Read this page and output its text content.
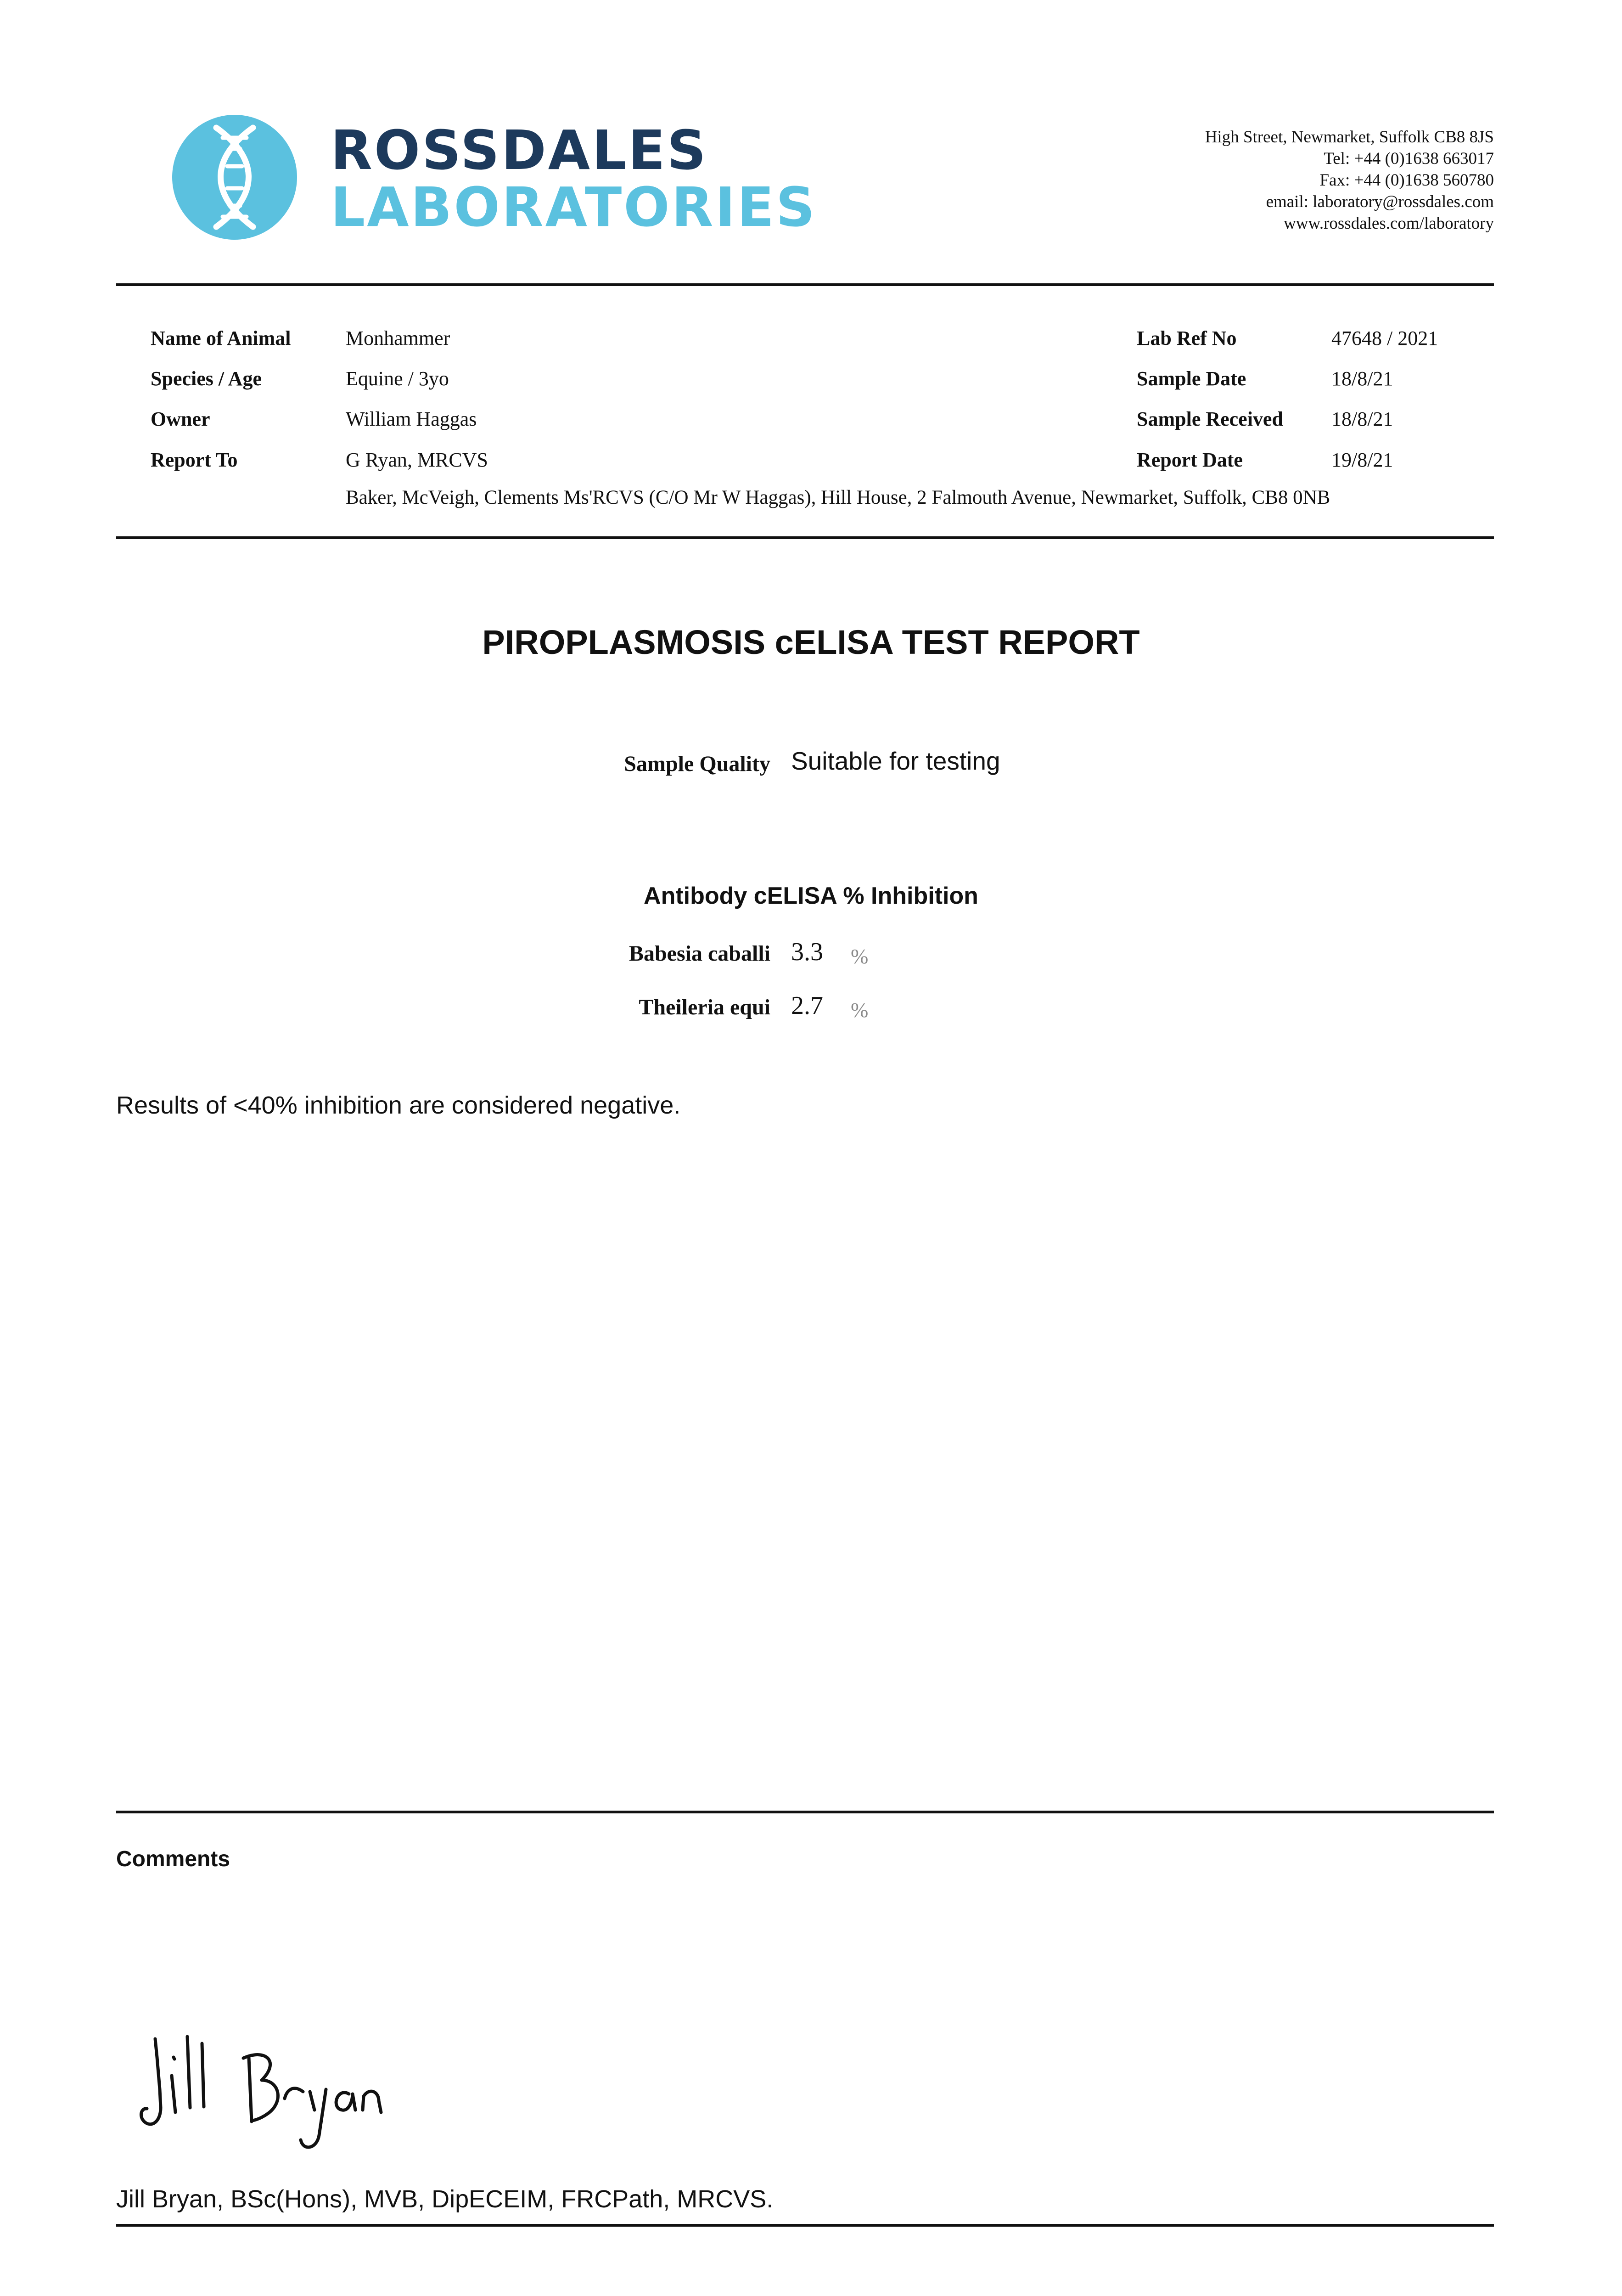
ROSSDALES
LABORATORIES
High Street, Newmarket, Suffolk CB8 8JS
Tel: +44 (0)1638 663017
Fax: +44 (0)1638 560780
email: laboratory@rossdales.com
www.rossdales.com/laboratory
Name of Animal	Monhammer
Species / Age	Equine / 3yo
Owner	William Haggas
Report To	G Ryan, MRCVS
Baker, McVeigh, Clements Ms'RCVS (C/O Mr W Haggas), Hill House, 2 Falmouth Avenue, Newmarket, Suffolk, CB8 0NB
Lab Ref No	47648 / 2021
Sample Date	18/8/21
Sample Received 18/8/21
Report Date	19/8/21
PIROPLASMOSIS cELISA TEST REPORT
Sample Quality Suitable for testing
Antibody cELISA % Inhibition
Babesia caballi 3.3 %
Theileria equi 2.7 %
Results of <40% inhibition are considered negative.
Comments
Jill Bryan, BSc(Hons), MVB, DipECEIM, FRCPath, MRCVS.
